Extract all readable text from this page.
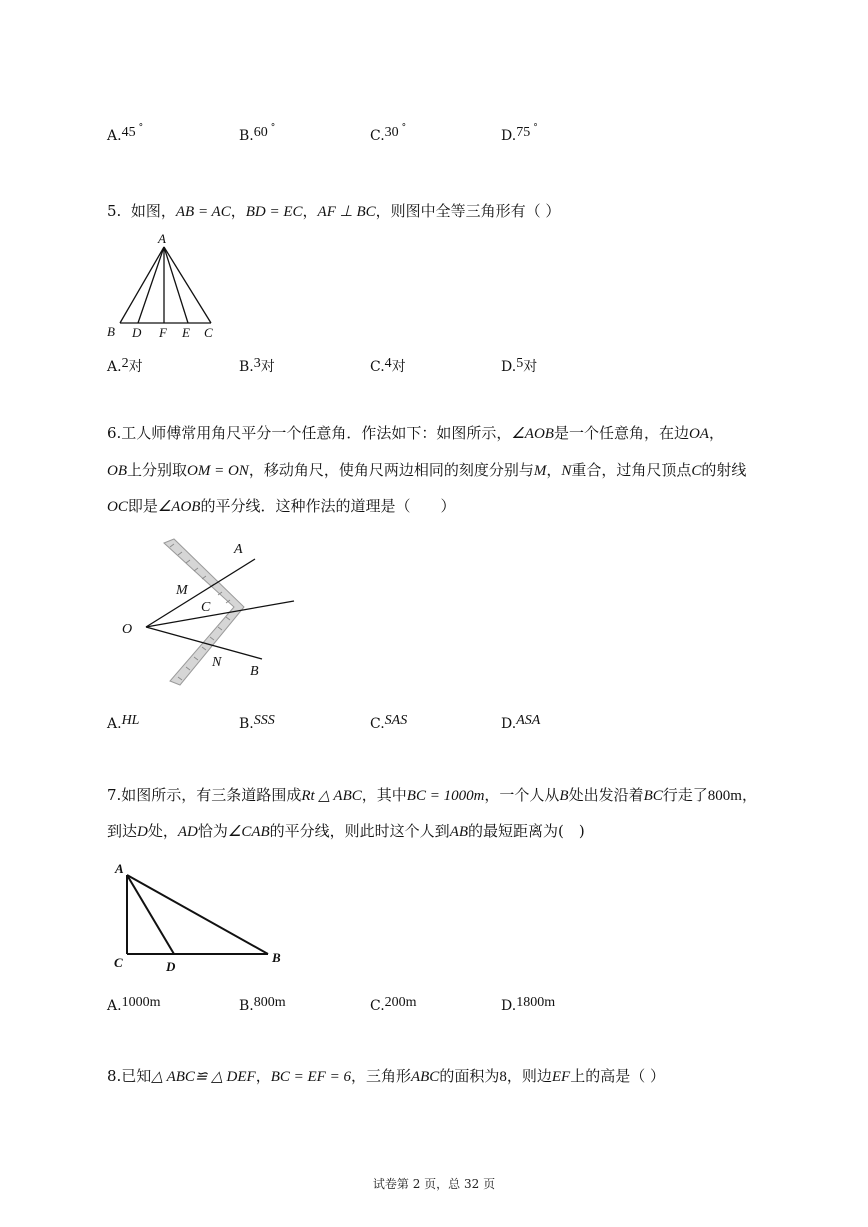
A.45 °	B.60 °	C.30 °	D.75 °
5. 如图，AB = AC，BD = EC，AF ⊥ BC，则图中全等三角形有（ ）
A
B D F E C
A.2对	B.3对	C.4对	D.5对
6.工人师傅常用角尺平分一个任意角．作法如下：如图所示，∠AOB是一个任意角，在边OA，
OB上分别取OM = ON，移动角尺，使角尺两边相同的刻度分别与M，N重合，过角尺顶点C的射线
OC即是∠AOB的平分线．这种作法的道理是（　　）
A
M
C
O
N
B
A.HL	B.SSS	C.SAS	D.ASA
7.如图所示，有三条道路围成Rt △ ABC，其中BC = 1000m，一个人从B处出发沿着BC行走了800m，
到达D处，AD恰为∠CAB的平分线，则此时这个人到AB的最短距离为(　)
A
C	D
B
A.1000m	B.800m	C.200m	D.1800m
8.已知△ ABC≌ △ DEF，BC = EF = 6，三角形ABC的面积为8，则边EF上的高是（ ）
试卷第 2 页，总 32 页
